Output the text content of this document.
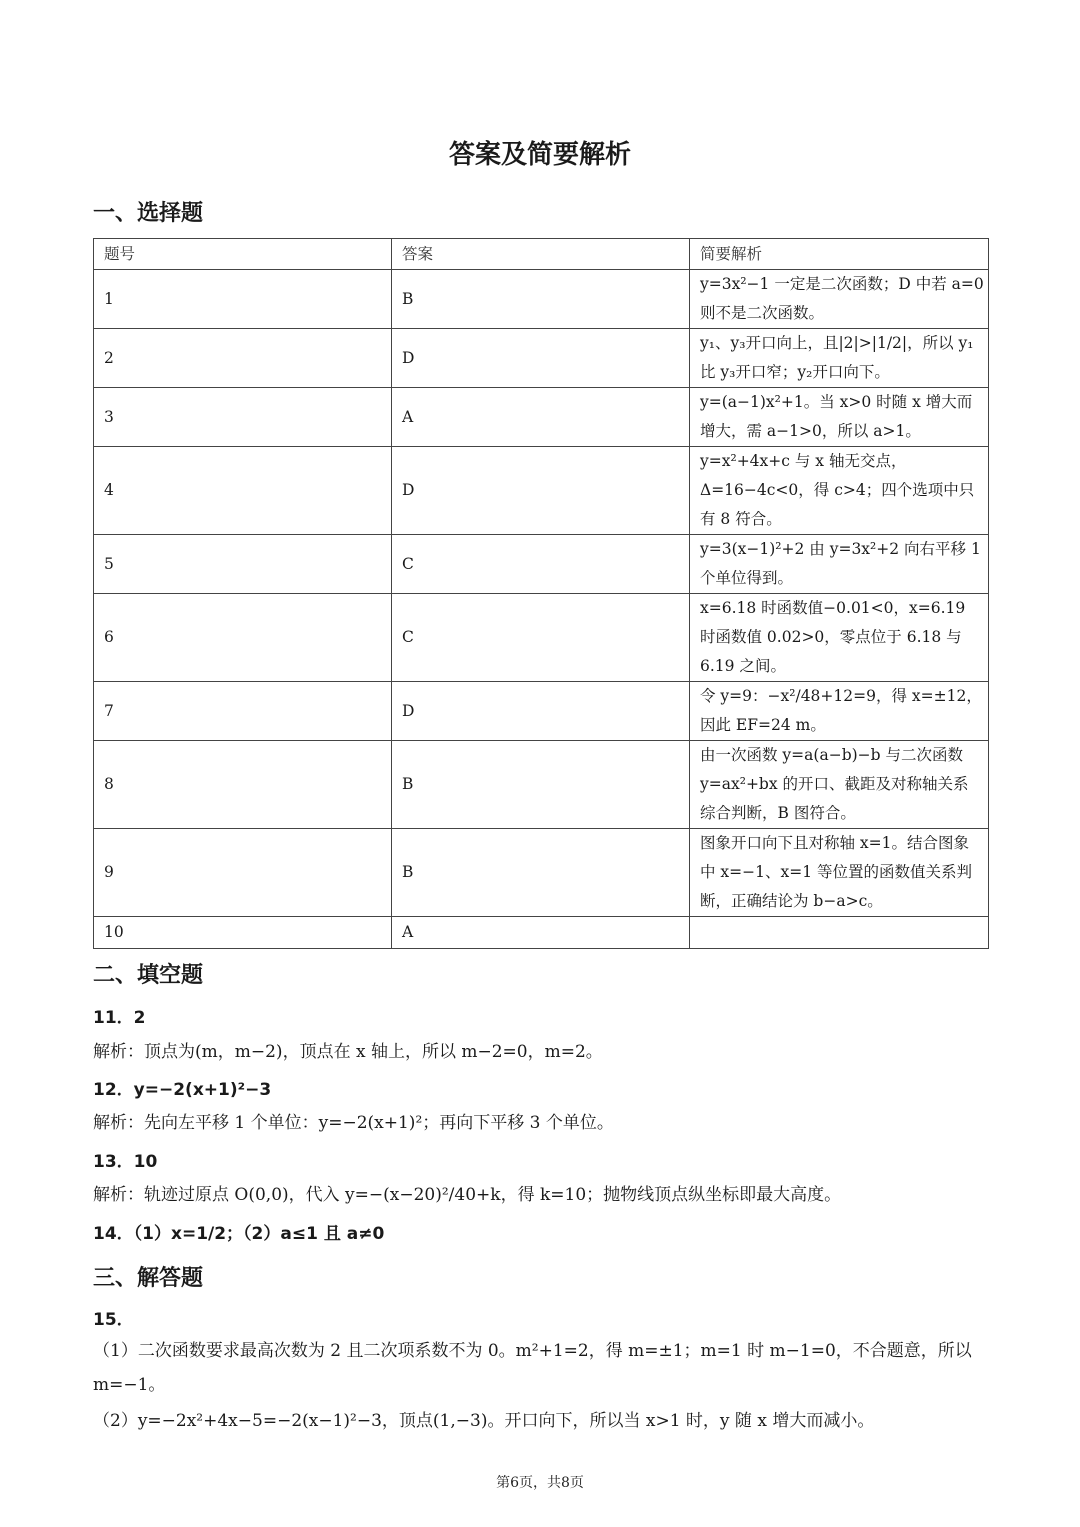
答案及简要解析
一、选择题
题号	答案	简要解析
1	B	y=3x²−1 一定是二次函数；D 中若 a=0 则不是二次函数。
2	D	y₁、y₃开口向上，且|2|>|1/2|，所以 y₁比 y₃开口窄；y₂开口向下。
3	A	y=(a−1)x²+1。当 x>0 时随 x 增大而增大，需 a−1>0，所以 a>1。
4	D	y=x²+4x+c 与 x 轴无交点，Δ=16−4c<0，得 c>4；四个选项中只有 8 符合。
5	C	y=3(x−1)²+2 由 y=3x²+2 向右平移 1 个单位得到。
6	C	x=6.18 时函数值−0.01<0，x=6.19 时函数值 0.02>0，零点位于 6.18 与 6.19 之间。
7	D	令 y=9：−x²/48+12=9，得 x=±12，因此 EF=24 m。
8	B	由一次函数 y=a(a−b)−b 与二次函数 y=ax²+bx 的开口、截距及对称轴关系综合判断，B 图符合。
9	B	图象开口向下且对称轴 x=1。结合图象中 x=−1、x=1 等位置的函数值关系判断，正确结论为 b−a>c。
10	A	
二、填空题
11．2
解析：顶点为(m，m−2)，顶点在 x 轴上，所以 m−2=0，m=2。
12．y=−2(x+1)²−3
解析：先向左平移 1 个单位：y=−2(x+1)²；再向下平移 3 个单位。
13．10
解析：轨迹过原点 O(0,0)，代入 y=−(x−20)²/40+k，得 k=10；抛物线顶点纵坐标即最大高度。
14．（1）x=1/2；（2）a≤1 且 a≠0
三、解答题
15．
（1）二次函数要求最高次数为 2 且二次项系数不为 0。m²+1=2，得 m=±1；m=1 时 m−1=0，不合题意，所以 m=−1。
（2）y=−2x²+4x−5=−2(x−1)²−3，顶点(1,−3)。开口向下，所以当 x>1 时，y 随 x 增大而减小。
第6页，共8页
